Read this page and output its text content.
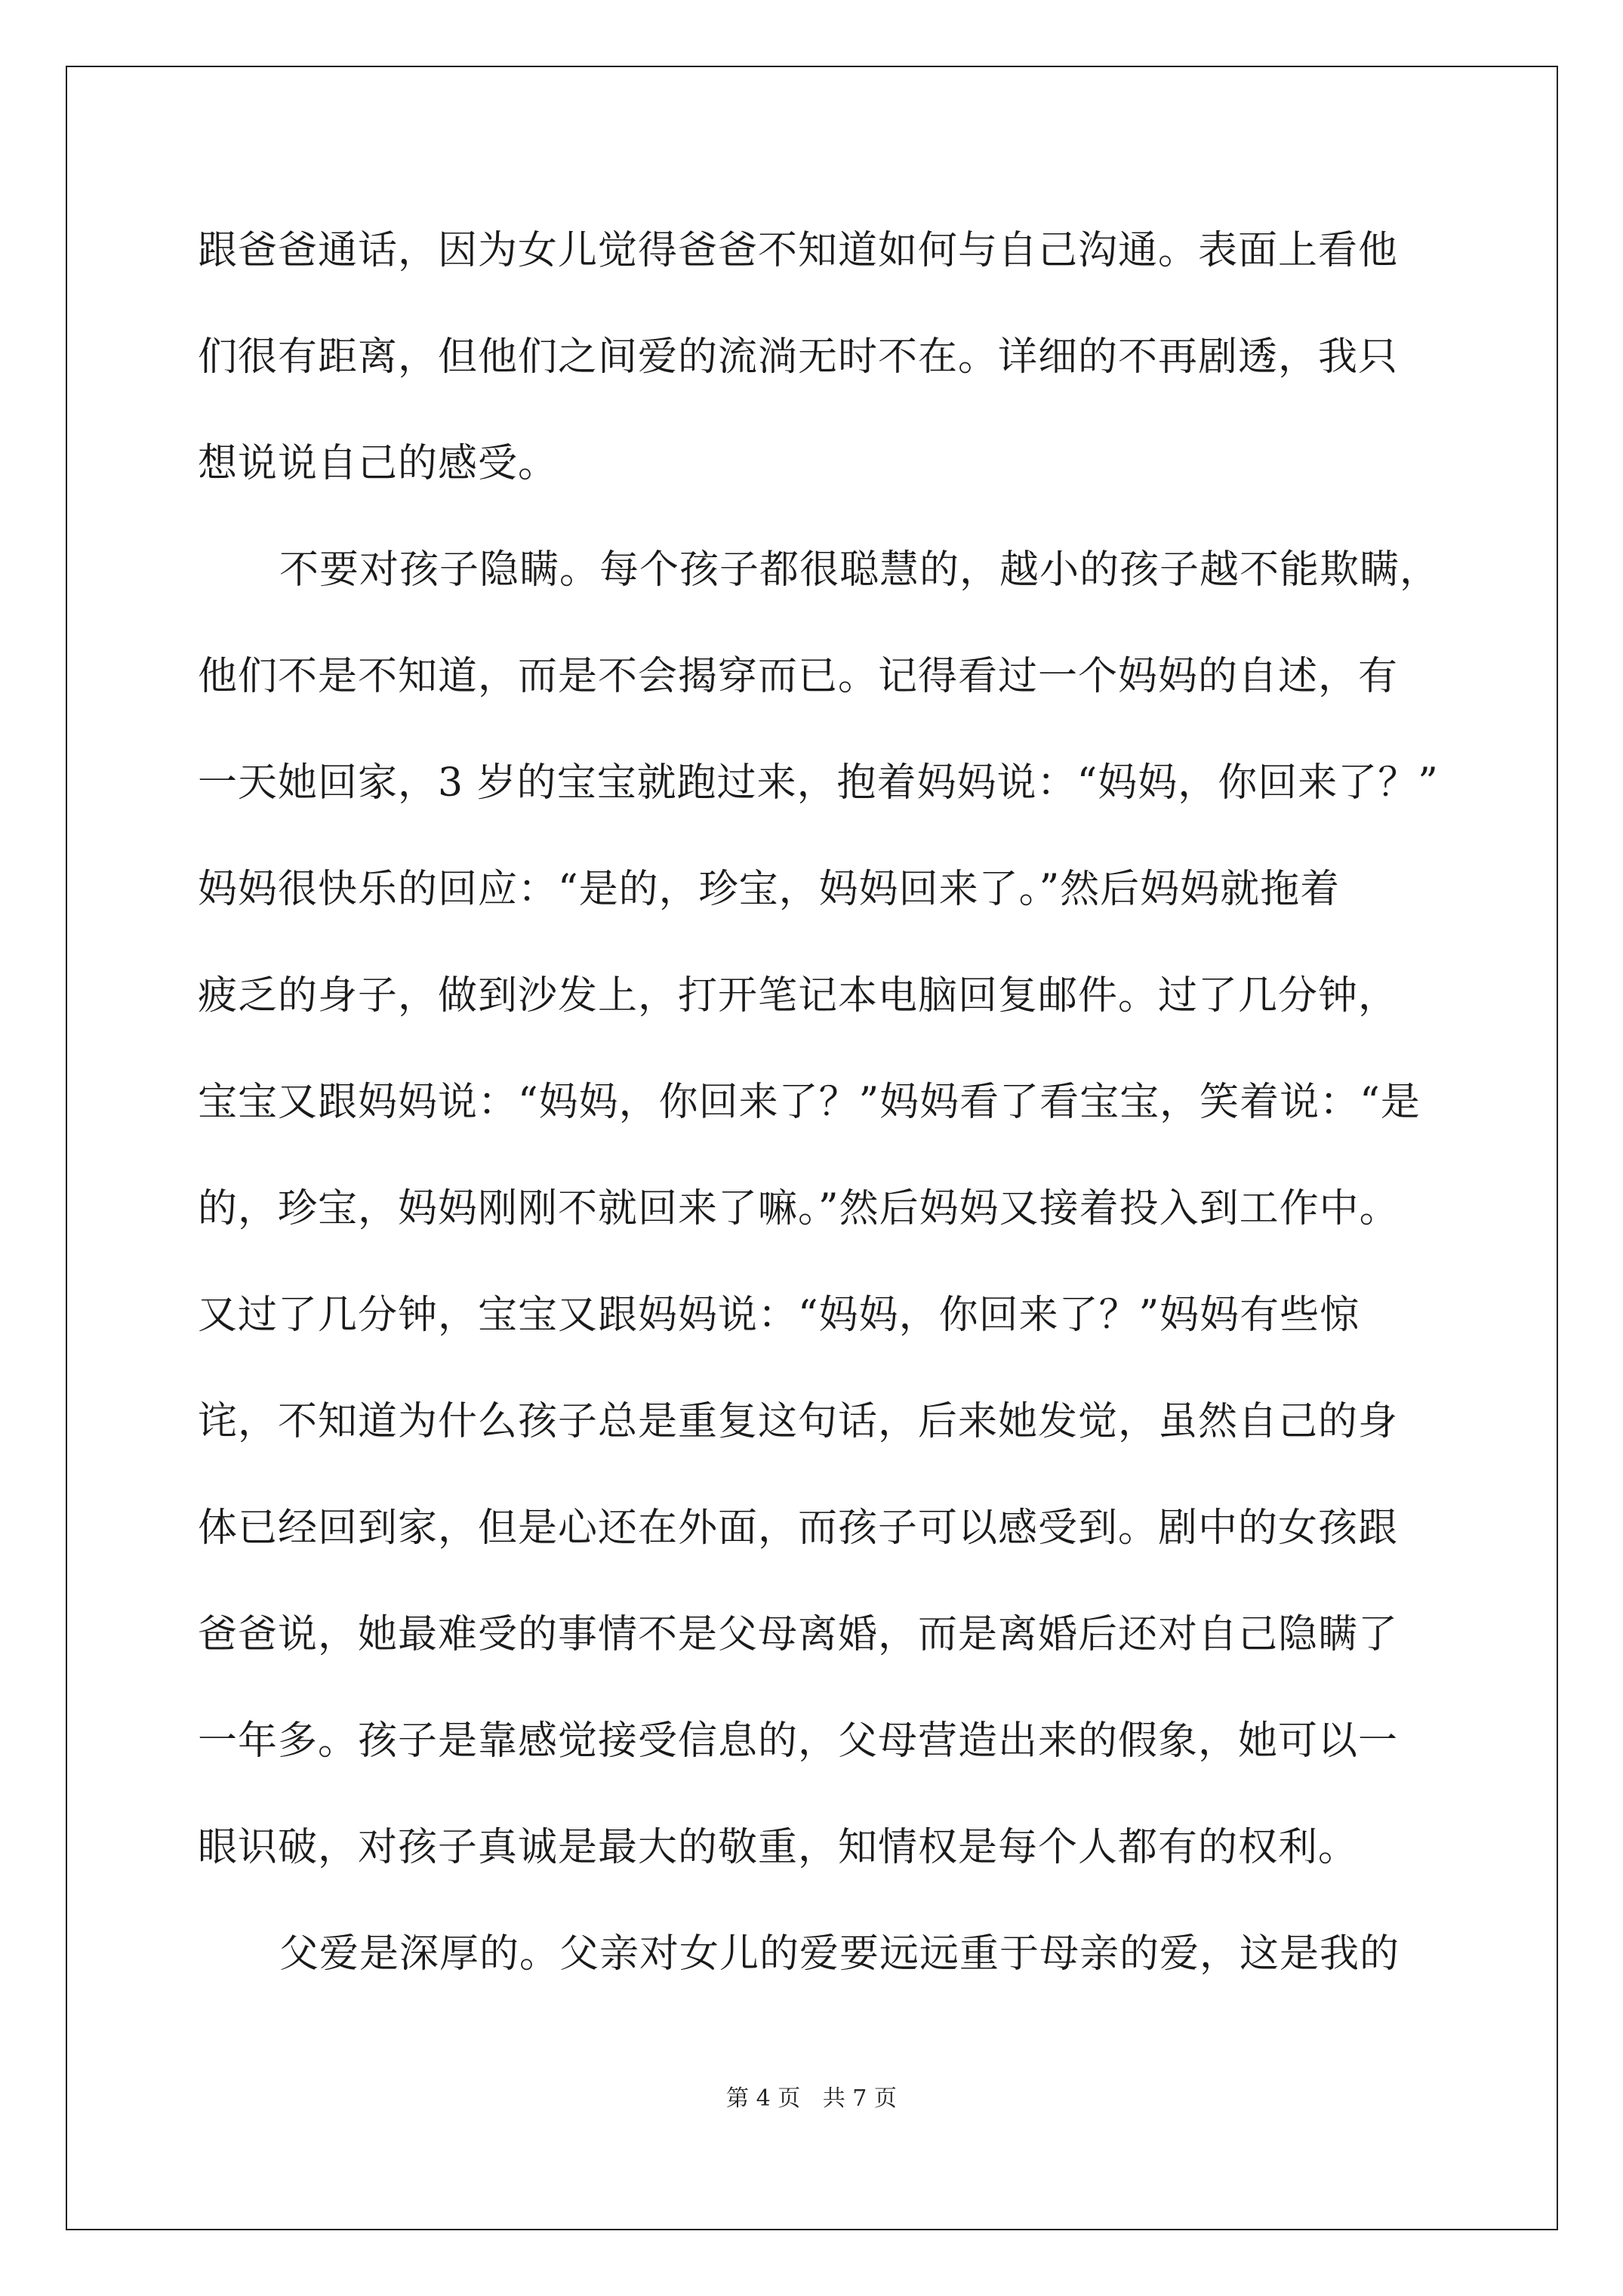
跟爸爸通话，因为女儿觉得爸爸不知道如何与自己沟通。表面上看他
们很有距离，但他们之间爱的流淌无时不在。详细的不再剧透，我只
想说说自己的感受。
不要对孩子隐瞒。每个孩子都很聪慧的，越小的孩子越不能欺瞒，
他们不是不知道，而是不会揭穿而已。记得看过一个妈妈的自述，有
一天她回家，3 岁的宝宝就跑过来，抱着妈妈说：“妈妈，你回来了？”
妈妈很快乐的回应：“是的，珍宝，妈妈回来了。”然后妈妈就拖着
疲乏的身子，做到沙发上，打开笔记本电脑回复邮件。过了几分钟，
宝宝又跟妈妈说：“妈妈，你回来了？”妈妈看了看宝宝，笑着说：“是
的，珍宝，妈妈刚刚不就回来了嘛。”然后妈妈又接着投入到工作中。
又过了几分钟，宝宝又跟妈妈说：“妈妈，你回来了？”妈妈有些惊
诧，不知道为什么孩子总是重复这句话，后来她发觉，虽然自己的身
体已经回到家，但是心还在外面，而孩子可以感受到。剧中的女孩跟
爸爸说，她最难受的事情不是父母离婚，而是离婚后还对自己隐瞒了
一年多。孩子是靠感觉接受信息的，父母营造出来的假象，她可以一
眼识破，对孩子真诚是最大的敬重，知情权是每个人都有的权利。
父爱是深厚的。父亲对女儿的爱要远远重于母亲的爱，这是我的
第 4 页 共 7 页
